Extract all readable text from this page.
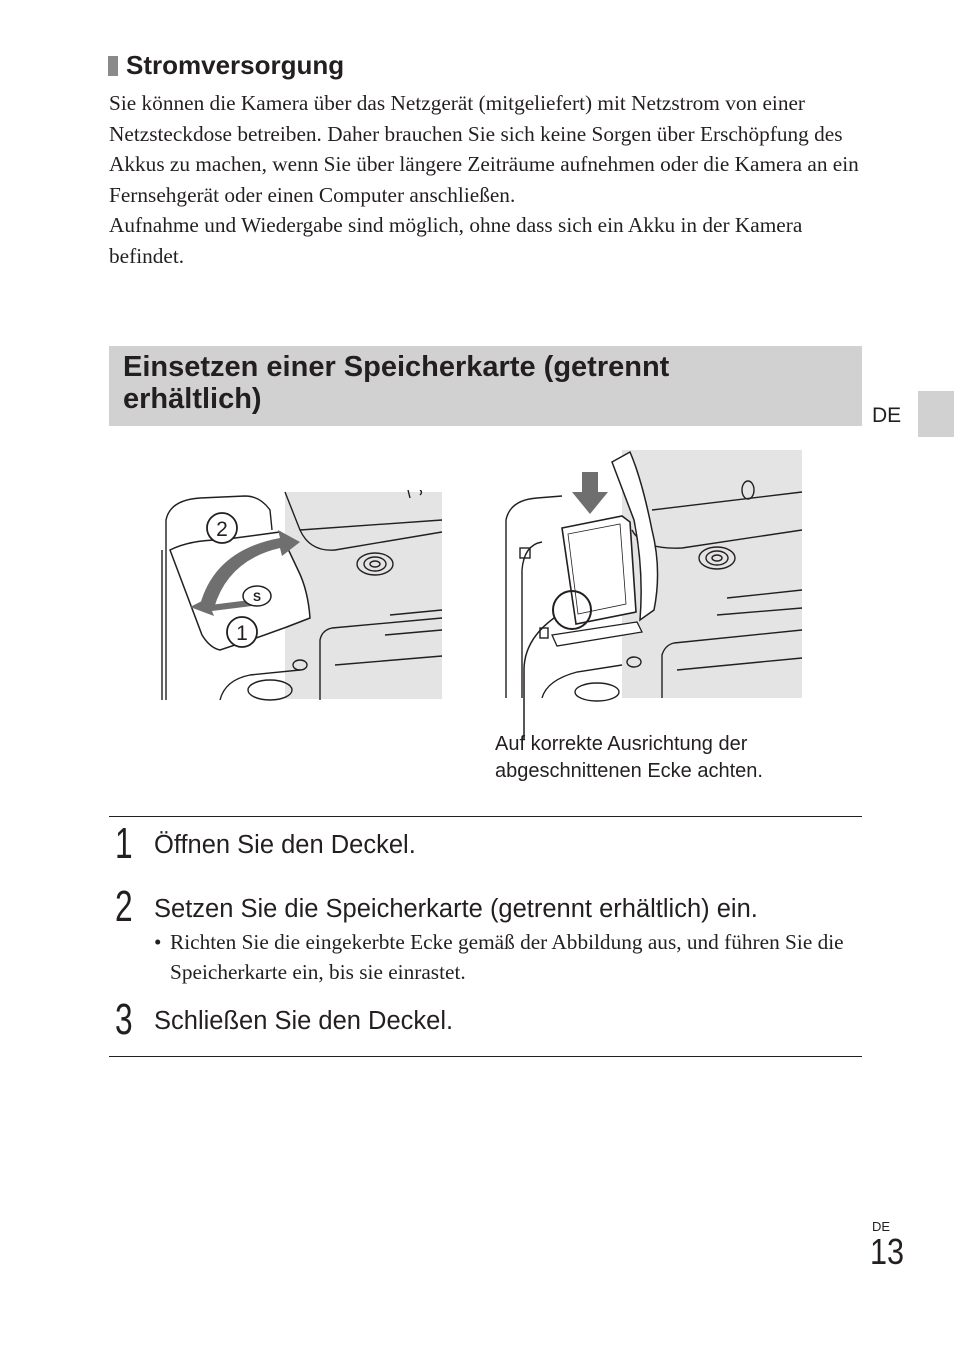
Stromversorgung

Sie können die Kamera über das Netzgerät (mitgeliefert) mit Netzstrom von einer Netzsteckdose betreiben. Daher brauchen Sie sich keine Sorgen über Erschöpfung des Akkus zu machen, wenn Sie über längere Zeiträume aufnehmen oder die Kamera an ein Fernsehgerät oder einen Computer anschließen.

Aufnahme und Wiedergabe sind möglich, ohne dass sich ein Akku in der Kamera befindet.

Einsetzen einer Speicherkarte (getrennt
erhältlich)
DE
S
2
1
Auf korrekte Ausrichtung der
abgeschnittenen Ecke achten.
1 Öffnen Sie den Deckel.
2 Setzen Sie die Speicherkarte (getrennt erhältlich) ein.
• Richten Sie die eingekerbte Ecke gemäß der Abbildung aus, und führen Sie die Speicherkarte ein, bis sie einrastet.
3 Schließen Sie den Deckel.
DE
13
